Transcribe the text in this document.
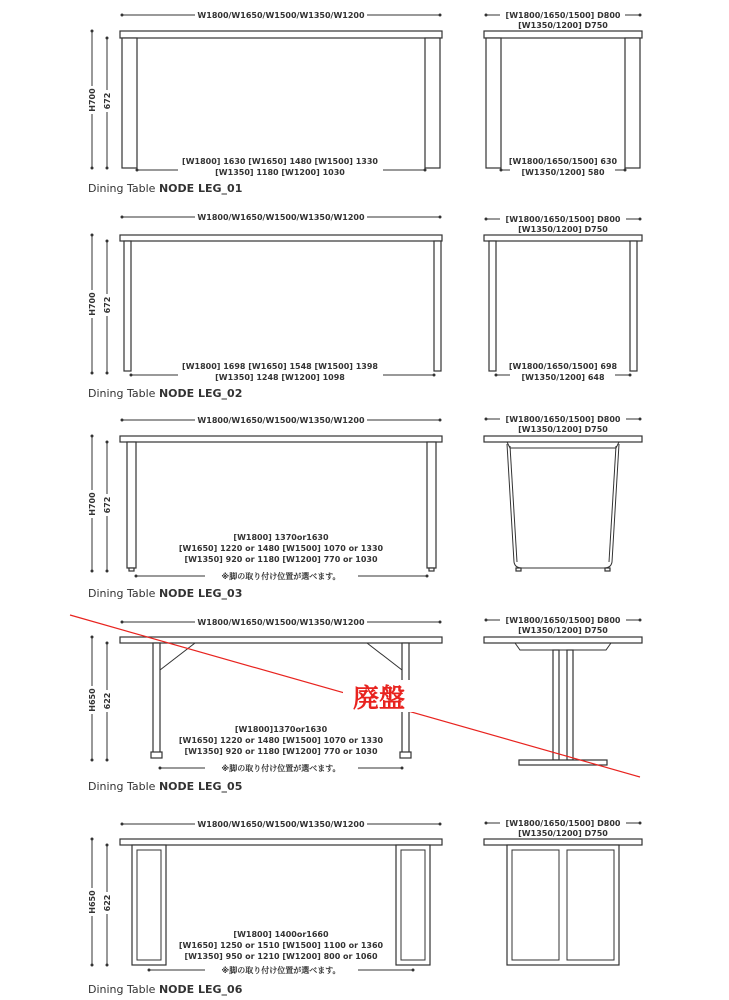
W1800/W1650/W1500/W1350/W1200
H700 672
[W1800] 1630 [W1650] 1480 [W1500] 1330
[W1350] 1180 [W1200] 1030
[W1800/1650/1500] D800
[W1350/1200] D750
[W1800/1650/1500] 630
[W1350/1200] 580
Dining Table NODE LEG_01
W1800/W1650/W1500/W1350/W1200
H700 672
[W1800] 1698 [W1650] 1548 [W1500] 1398
[W1350] 1248 [W1200] 1098
[W1800/1650/1500] D800
[W1350/1200] D750
[W1800/1650/1500] 698
[W1350/1200] 648
Dining Table NODE LEG_02
W1800/W1650/W1500/W1350/W1200
H700 672
[W1800] 1370or1630
[W1650] 1220 or 1480 [W1500] 1070 or 1330
[W1350] 920 or 1180 [W1200] 770 or 1030
※脚の取り付け位置が選べます。
[W1800/1650/1500] D800
[W1350/1200] D750
Dining Table NODE LEG_03
W1800/W1650/W1500/W1350/W1200
H650 622
[W1800]1370or1630
[W1650] 1220 or 1480 [W1500] 1070 or 1330
[W1350] 920 or 1180 [W1200] 770 or 1030
※脚の取り付け位置が選べます。
[W1800/1650/1500] D800
[W1350/1200] D750
Dining Table NODE LEG_05
廃盤
W1800/W1650/W1500/W1350/W1200
H650 622
[W1800] 1400or1660
[W1650] 1250 or 1510 [W1500] 1100 or 1360
[W1350] 950 or 1210 [W1200] 800 or 1060
※脚の取り付け位置が選べます。
[W1800/1650/1500] D800
[W1350/1200] D750
Dining Table NODE LEG_06
